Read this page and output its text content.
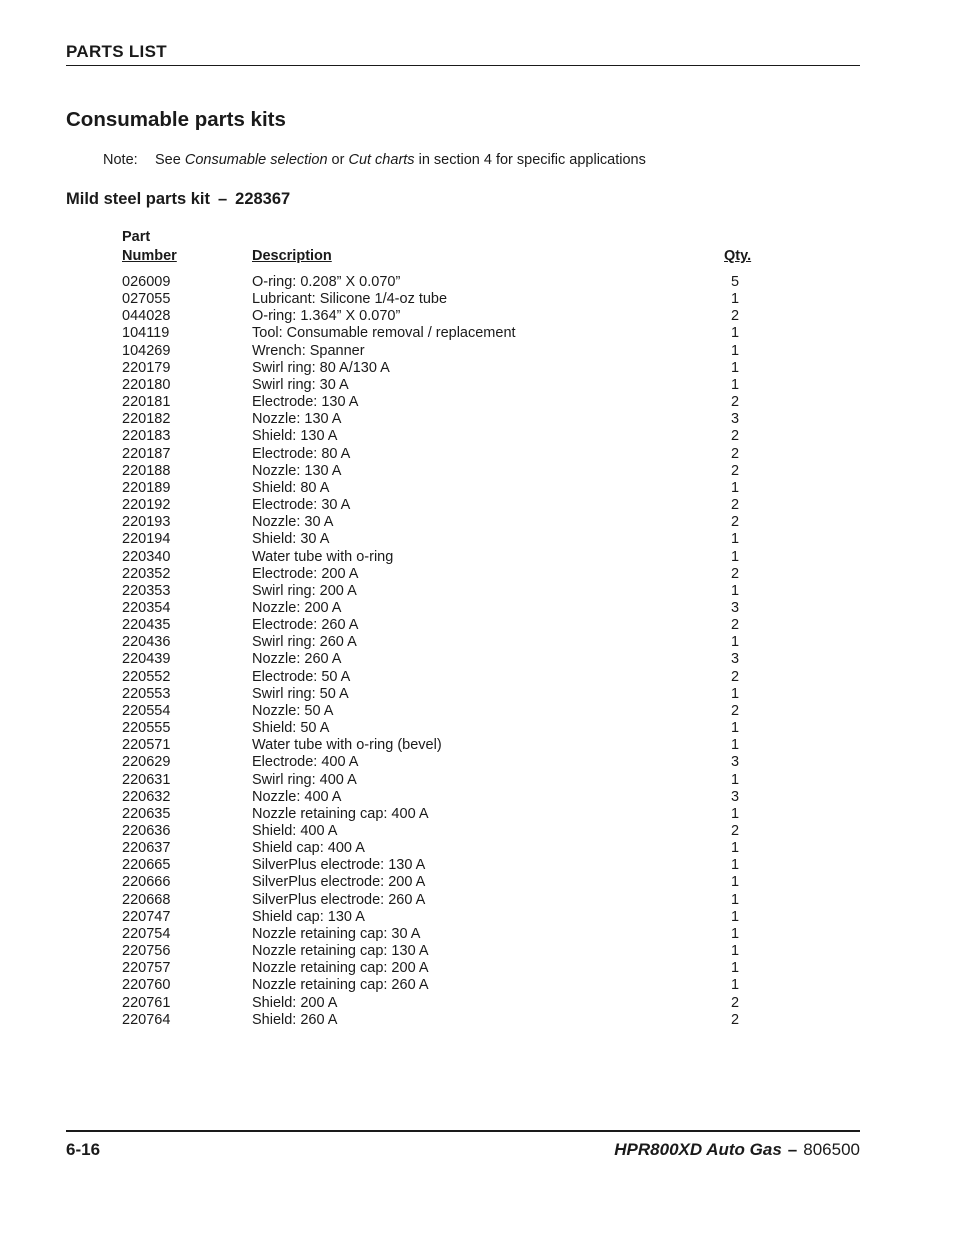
PARTS LIST
Consumable parts kits
Note: See Consumable selection or Cut charts in section 4 for specific applications
Mild steel parts kit – 228367
Part
Number	Description	Qty.
026009	O-ring: 0.208” X 0.070”	5
027055	Lubricant: Silicone 1/4-oz tube	1
044028	O-ring: 1.364” X 0.070”	2
104119	Tool: Consumable removal / replacement	1
104269	Wrench: Spanner	1
220179	Swirl ring: 80 A/130 A	1
220180	Swirl ring: 30 A	1
220181	Electrode: 130 A	2
220182	Nozzle: 130 A	3
220183	Shield: 130 A	2
220187	Electrode: 80 A	2
220188	Nozzle: 130 A	2
220189	Shield: 80 A	1
220192	Electrode: 30 A	2
220193	Nozzle: 30 A	2
220194	Shield: 30 A	1
220340	Water tube with o-ring	1
220352	Electrode: 200 A	2
220353	Swirl ring: 200 A	1
220354	Nozzle: 200 A	3
220435	Electrode: 260 A	2
220436	Swirl ring: 260 A	1
220439	Nozzle: 260 A	3
220552	Electrode: 50 A	2
220553	Swirl ring: 50 A	1
220554	Nozzle: 50 A	2
220555	Shield: 50 A	1
220571	Water tube with o-ring (bevel)	1
220629	Electrode: 400 A	3
220631	Swirl ring: 400 A	1
220632	Nozzle: 400 A	3
220635	Nozzle retaining cap: 400 A	1
220636	Shield: 400 A	2
220637	Shield cap: 400 A	1
220665	SilverPlus electrode: 130 A	1
220666	SilverPlus electrode: 200 A	1
220668	SilverPlus electrode: 260 A	1
220747	Shield cap: 130 A	1
220754	Nozzle retaining cap: 30 A	1
220756	Nozzle retaining cap: 130 A	1
220757	Nozzle retaining cap: 200 A	1
220760	Nozzle retaining cap: 260 A	1
220761	Shield: 200 A	2
220764	Shield: 260 A	2
6-16	HPR800XD Auto Gas – 806500
